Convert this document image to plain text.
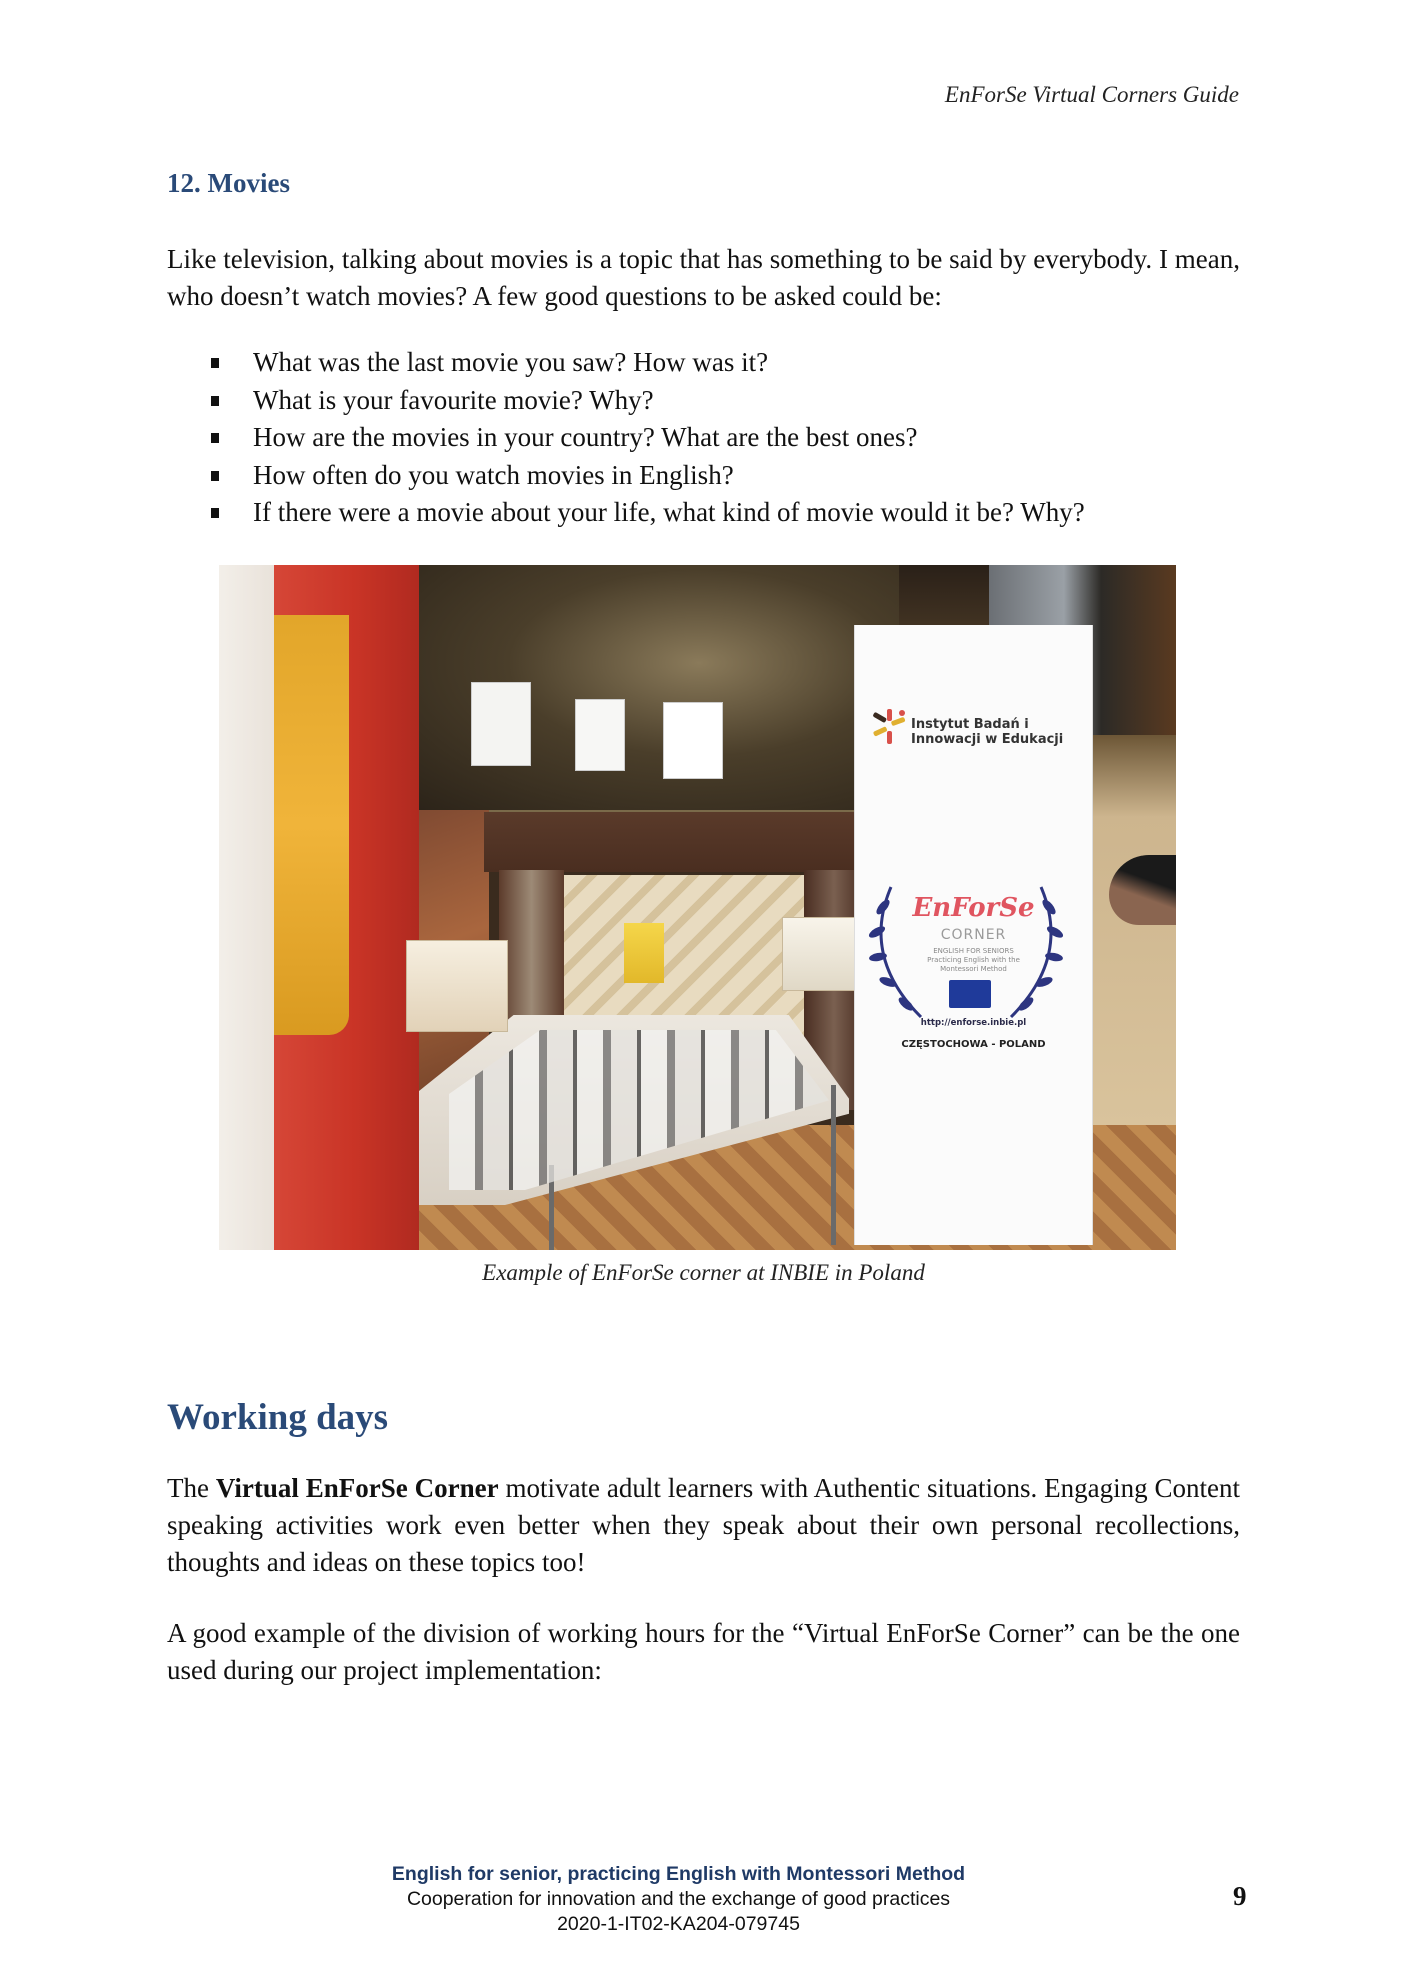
EnForSe Virtual Corners Guide
12. Movies
Like television, talking about movies is a topic that has something to be said by everybody. I mean, who doesn’t watch movies? A few good questions to be asked could be:
What was the last movie you saw? How was it?
What is your favourite movie? Why?
How are the movies in your country? What are the best ones?
How often do you watch movies in English?
If there were a movie about your life, what kind of movie would it be? Why?
Instytut Badań i
Innowacji w Edukacji
EnForSe
CORNER
ENGLISH FOR SENIORS
Practicing English with the
Montessori Method
http://enforse.inbie.pl
CZĘSTOCHOWA - POLAND
Example of EnForSe corner at INBIE in Poland
Working days
The Virtual EnForSe Corner motivate adult learners with Authentic situations. Engaging Content speaking activities work even better when they speak about their own personal recollections, thoughts and ideas on these topics too!
A good example of the division of working hours for the “Virtual EnForSe Corner” can be the one used during our project implementation:
English for senior, practicing English with Montessori Method
Cooperation for innovation and the exchange of good practices
2020-1-IT02-KA204-079745
9
